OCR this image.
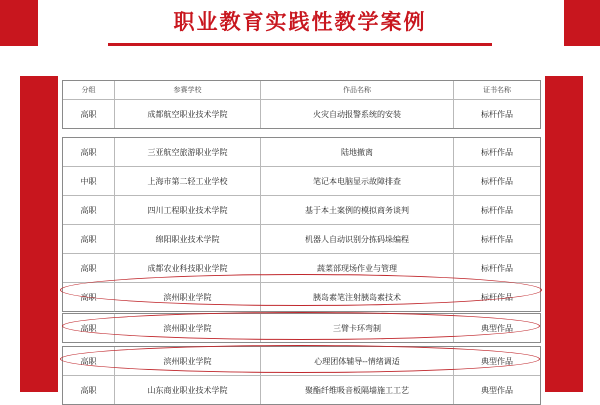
职业教育实践性教学案例
分组	参赛学校	作品名称	证书名称
高职	成都航空职业技术学院	火灾自动报警系统的安装	标杆作品
高职	三亚航空旅游职业学院	陆地撤离	标杆作品
中职	上海市第二轻工业学校	笔记本电脑显示故障排查	标杆作品
高职	四川工程职业技术学院	基于本土案例的模拟商务谈判	标杆作品
高职	绵阳职业技术学院	机器人自动识别分拣码垛编程	标杆作品
高职	成都农业科技职业学院	蔬菜部现场作业与管理	标杆作品
高职	滨州职业学院	胰岛素笔注射胰岛素技术	标杆作品
高职	滨州职业学院	三臂卡环弯制	典型作品
高职	滨州职业学院	心理团体辅导--情绪调适	典型作品
高职	山东商业职业技术学院	聚酯纤维吸音板隔墙施工工艺	典型作品
